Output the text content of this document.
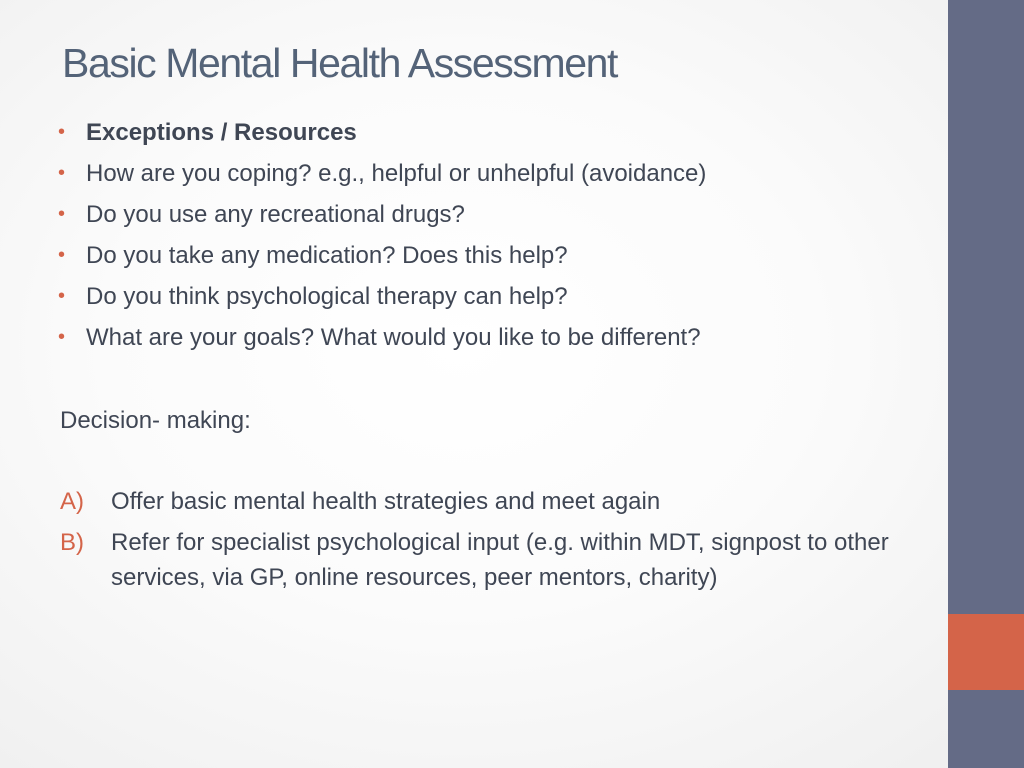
Basic Mental Health Assessment
• Exceptions / Resources
• How are you coping? e.g., helpful or unhelpful (avoidance)
• Do you use any recreational drugs?
• Do you take any medication? Does this help?
• Do you think psychological therapy can help?
• What are your goals? What would you like to be different?
Decision- making:
A) Offer basic mental health strategies and meet again
B) Refer for specialist psychological input (e.g. within MDT, signpost to other services, via GP, online resources, peer mentors, charity)
